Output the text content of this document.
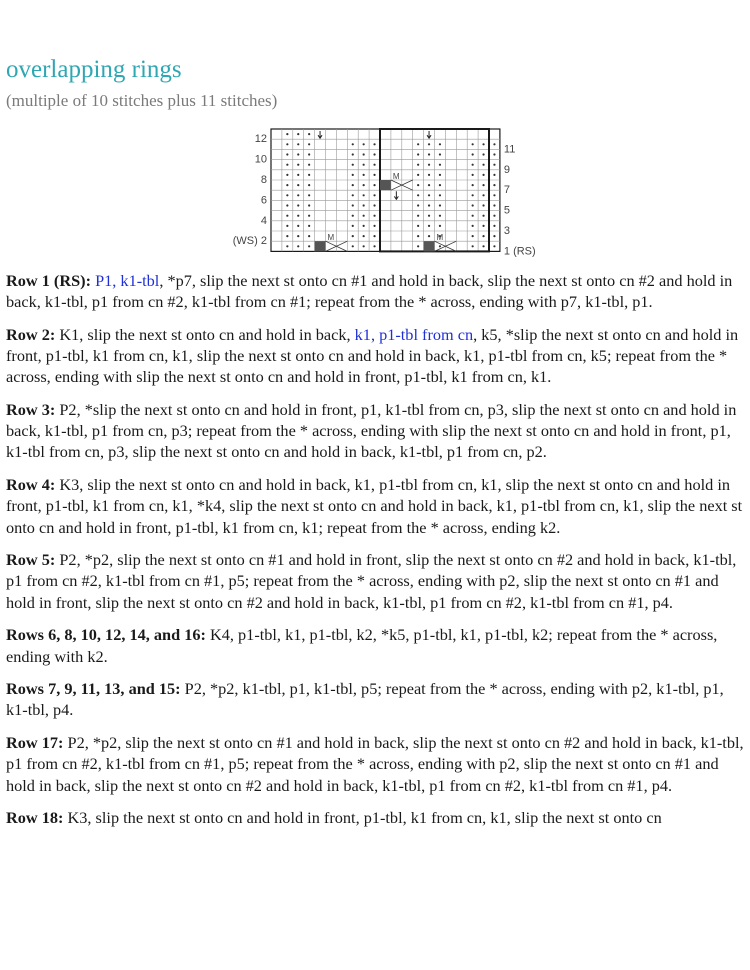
overlapping rings

(multiple of 10 stitches plus 11 stitches)

M	M
M
12
10
8
6
4
(WS) 2
11
9
7
5
3
1 (RS)

Row 1 (RS): P1, k1-tbl, *p7, slip the next st onto cn #1 and hold in back, slip the next st onto cn #2 and hold in back, k1-tbl, p1 from cn #2, k1-tbl from cn #1; repeat from the * across, ending with p7, k1-tbl, p1.

Row 2: K1, slip the next st onto cn and hold in back, k1, p1-tbl from cn, k5, *slip the next st onto cn and hold in front, p1-tbl, k1 from cn, k1, slip the next st onto cn and hold in back, k1, p1-tbl from cn, k5; repeat from the * across, ending with slip the next st onto cn and hold in front, p1-tbl, k1 from cn, k1.

Row 3: P2, *slip the next st onto cn and hold in front, p1, k1-tbl from cn, p3, slip the next st onto cn and hold in back, k1-tbl, p1 from cn, p3; repeat from the * across, ending with slip the next st onto cn and hold in front, p1, k1-tbl from cn, p3, slip the next st onto cn and hold in back, k1-tbl, p1 from cn, p2.

Row 4: K3, slip the next st onto cn and hold in back, k1, p1-tbl from cn, k1, slip the next st onto cn and hold in front, p1-tbl, k1 from cn, k1, *k4, slip the next st onto cn and hold in back, k1, p1-tbl from cn, k1, slip the next st onto cn and hold in front, p1-tbl, k1 from cn, k1; repeat from the * across, ending k2.

Row 5: P2, *p2, slip the next st onto cn #1 and hold in front, slip the next st onto cn #2 and hold in back, k1-tbl, p1 from cn #2, k1-tbl from cn #1, p5; repeat from the * across, ending with p2, slip the next st onto cn #1 and hold in front, slip the next st onto cn #2 and hold in back, k1-tbl, p1 from cn #2, k1-tbl from cn #1, p4.

Rows 6, 8, 10, 12, 14, and 16: K4, p1-tbl, k1, p1-tbl, k2, *k5, p1-tbl, k1, p1-tbl, k2; repeat from the * across, ending with k2.

Rows 7, 9, 11, 13, and 15: P2, *p2, k1-tbl, p1, k1-tbl, p5; repeat from the * across, ending with p2, k1-tbl, p1, k1-tbl, p4.

Row 17: P2, *p2, slip the next st onto cn #1 and hold in back, slip the next st onto cn #2 and hold in back, k1-tbl, p1 from cn #2, k1-tbl from cn #1, p5; repeat from the * across, ending with p2, slip the next st onto cn #1 and hold in back, slip the next st onto cn #2 and hold in back, k1-tbl, p1 from cn #2, k1-tbl from cn #1, p4.

Row 18: K3, slip the next st onto cn and hold in front, p1-tbl, k1 from cn, k1, slip the next st onto cn
